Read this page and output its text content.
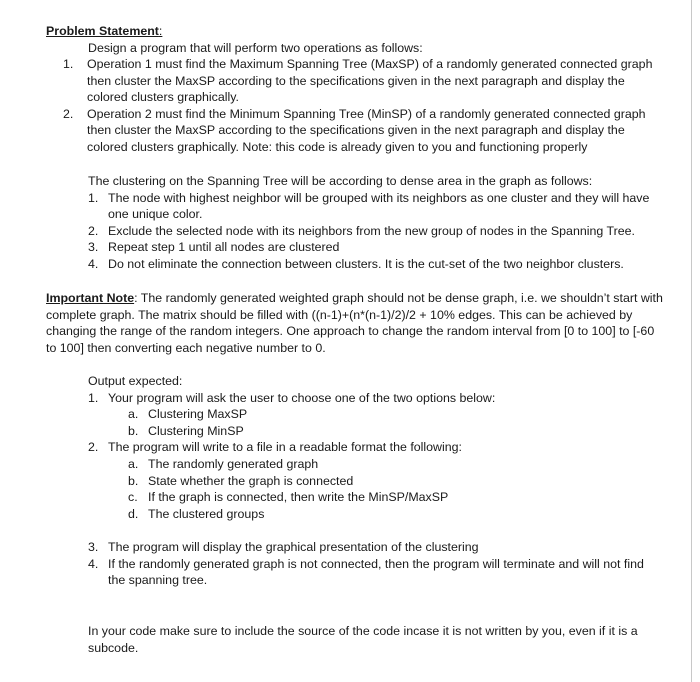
Problem Statement:
Design a program that will perform two operations as follows:
1.	Operation 1 must find the Maximum Spanning Tree (MaxSP) of a randomly generated connected graph then cluster the MaxSP according to the specifications given in the next paragraph and display the colored clusters graphically.
2.	Operation 2 must find the Minimum Spanning Tree (MinSP) of a randomly generated connected graph then cluster the MaxSP according to the specifications given in the next paragraph and display the colored clusters graphically. Note: this code is already given to you and functioning properly
The clustering on the Spanning Tree will be according to dense area in the graph as follows:
1. The node with highest neighbor will be grouped with its neighbors as one cluster and they will have one unique color.
2. Exclude the selected node with its neighbors from the new group of nodes in the Spanning Tree.
3. Repeat step 1 until all nodes are clustered
4. Do not eliminate the connection between clusters. It is the cut-set of the two neighbor clusters.
Important Note: The randomly generated weighted graph should not be dense graph, i.e. we shouldn’t start with complete graph. The matrix should be filled with ((n-1)+(n*(n-1)/2)/2 + 10% edges. This can be achieved by changing the range of the random integers. One approach to change the random interval from [0 to 100] to [-60 to 100] then converting each negative number to 0.
Output expected:
1. Your program will ask the user to choose one of the two options below:
a. Clustering MaxSP
b. Clustering MinSP
2. The program will write to a file in a readable format the following:
a. The randomly generated graph
b. State whether the graph is connected
c. If the graph is connected, then write the MinSP/MaxSP
d. The clustered groups
3. The program will display the graphical presentation of the clustering
4. If the randomly generated graph is not connected, then the program will terminate and will not find the spanning tree.
In your code make sure to include the source of the code incase it is not written by you, even if it is a subcode.
